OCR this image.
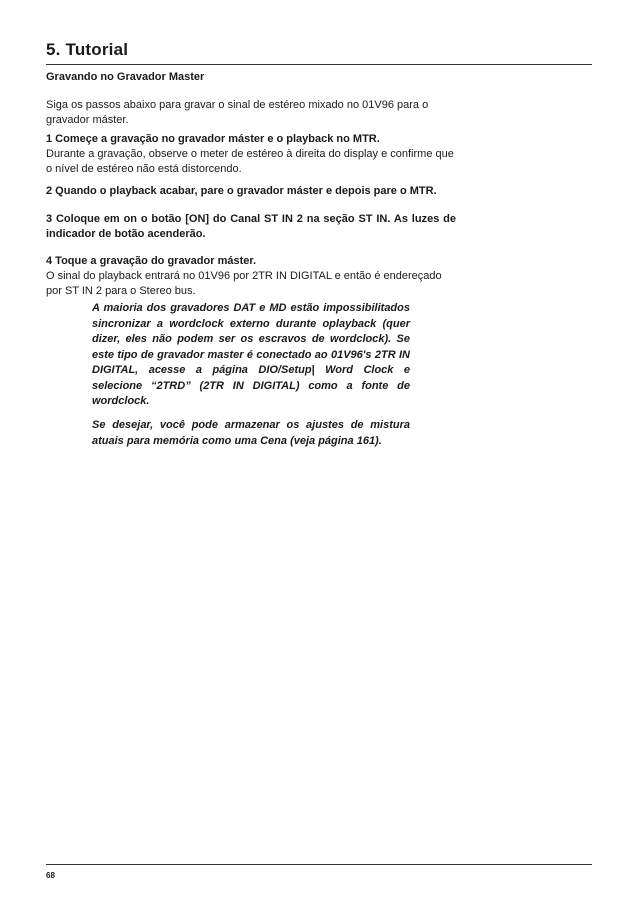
5. Tutorial
Gravando no Gravador Master

Siga os passos abaixo para gravar o sinal de estéreo mixado no 01V96 para o gravador máster.

1 Começe a gravação no gravador máster e o playback no MTR.
Durante a gravação, observe o meter de estéreo à direita do display e confirme que o nível de estéreo não está distorcendo.

2 Quando o playback acabar, pare o gravador máster e depois pare o MTR.

3 Coloque em on o botão [ON] do Canal ST IN 2 na seção ST IN. As luzes de indicador de botão acenderão.

4 Toque a gravação do gravador máster.
O sinal do playback entrará no 01V96 por 2TR IN DIGITAL e então é endereçado por ST IN 2 para o Stereo bus.

A maioria dos gravadores DAT e MD estão impossibilitados sincronizar a wordclock externo durante oplayback (quer dizer, eles não podem ser os escravos de wordclock). Se este tipo de gravador master é conectado ao 01V96's 2TR IN DIGITAL, acesse a página DIO/Setup| Word Clock e selecione “2TRD” (2TR IN DIGITAL) como a fonte de wordclock.

Se desejar, você pode armazenar os ajustes de mistura atuais para memória como uma Cena (veja página 161).

68
